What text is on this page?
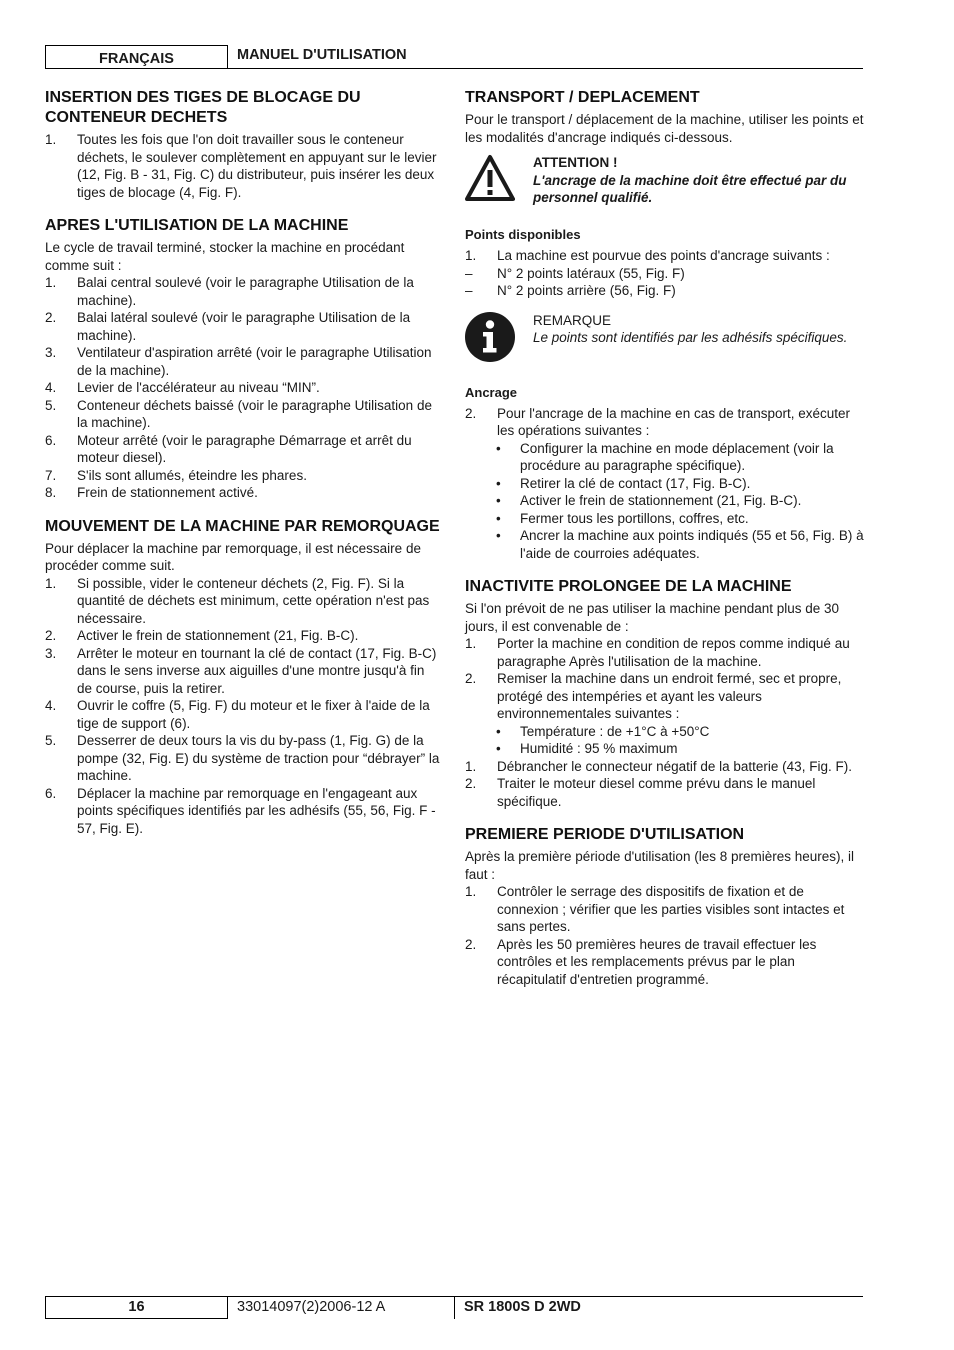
FRANÇAIS	MANUEL D'UTILISATION
INSERTION DES TIGES DE BLOCAGE DU CONTENEUR DECHETS
1. Toutes les fois que l'on doit travailler sous le conteneur déchets, le soulever complètement en appuyant sur le levier (12, Fig. B - 31, Fig. C) du distributeur, puis insérer les deux tiges de blocage (4, Fig. F).
APRES L'UTILISATION DE LA MACHINE

Le cycle de travail terminé, stocker la machine en procédant comme suit :

1. Balai central soulevé (voir le paragraphe Utilisation de la machine).
2. Balai latéral soulevé (voir le paragraphe Utilisation de la machine).
3. Ventilateur d'aspiration arrêté (voir le paragraphe Utilisation de la machine).
4. Levier de l'accélérateur au niveau “MIN”.
5. Conteneur déchets baissé (voir le paragraphe Utilisation de la machine).
6. Moteur arrêté (voir le paragraphe Démarrage et arrêt du moteur diesel).
7. S'ils sont allumés, éteindre les phares.
8. Frein de stationnement activé.
MOUVEMENT DE LA MACHINE PAR REMORQUAGE

Pour déplacer la machine par remorquage, il est nécessaire de procéder comme suit.

1. Si possible, vider le conteneur déchets (2, Fig. F). Si la quantité de déchets est minimum, cette opération n'est pas nécessaire.
2. Activer le frein de stationnement (21, Fig. B-C).
3. Arrêter le moteur en tournant la clé de contact (17, Fig. B-C) dans le sens inverse aux aiguilles d'une montre jusqu'à fin de course, puis la retirer.
4. Ouvrir le coffre (5, Fig. F) du moteur et le fixer à l'aide de la tige de support (6).
5. Desserrer de deux tours la vis du by-pass (1, Fig. G) de la pompe (32, Fig. E) du système de traction pour “débrayer” la machine.
6. Déplacer la machine par remorquage en l'engageant aux points spécifiques identifiés par les adhésifs (55, 56, Fig. F - 57, Fig. E).
TRANSPORT / DEPLACEMENT

Pour le transport / déplacement de la machine, utiliser les points et les modalités d'ancrage indiqués ci-dessous.

ATTENTION !
L'ancrage de la machine doit être effectué par du personnel qualifié.
Points disponibles
1. La machine est pourvue des points d'ancrage suivants :
– N° 2 points latéraux (55, Fig. F)
– N° 2 points arrière (56, Fig. F)
REMARQUE
Le points sont identifiés par les adhésifs spécifiques.
Ancrage
2. Pour l'ancrage de la machine en cas de transport, exécuter les opérations suivantes :
• Configurer la machine en mode déplacement (voir la procédure au paragraphe spécifique).
• Retirer la clé de contact (17, Fig. B-C).
• Activer le frein de stationnement (21, Fig. B-C).
• Fermer tous les portillons, coffres, etc.
• Ancrer la machine aux points indiqués (55 et 56, Fig. B) à l'aide de courroies adéquates.
INACTIVITE PROLONGEE DE LA MACHINE

Si l'on prévoit de ne pas utiliser la machine pendant plus de 30 jours, il est convenable de :

1. Porter la machine en condition de repos comme indiqué au paragraphe Après l'utilisation de la machine.
2. Remiser la machine dans un endroit fermé, sec et propre, protégé des intempéries et ayant les valeurs environnementales suivantes :
• Température : de +1°C à +50°C
• Humidité : 95 % maximum
1. Débrancher le connecteur négatif de la batterie (43, Fig. F).
2. Traiter le moteur diesel comme prévu dans le manuel spécifique.
PREMIERE PERIODE D'UTILISATION

Après la première période d'utilisation (les 8 premières heures), il faut :

1. Contrôler le serrage des dispositifs de fixation et de connexion ; vérifier que les parties visibles sont intactes et sans pertes.
2. Après les 50 premières heures de travail effectuer les contrôles et les remplacements prévus par le plan récapitulatif d'entretien programmé.
16	33014097(2)2006-12 A	SR 1800S D 2WD
